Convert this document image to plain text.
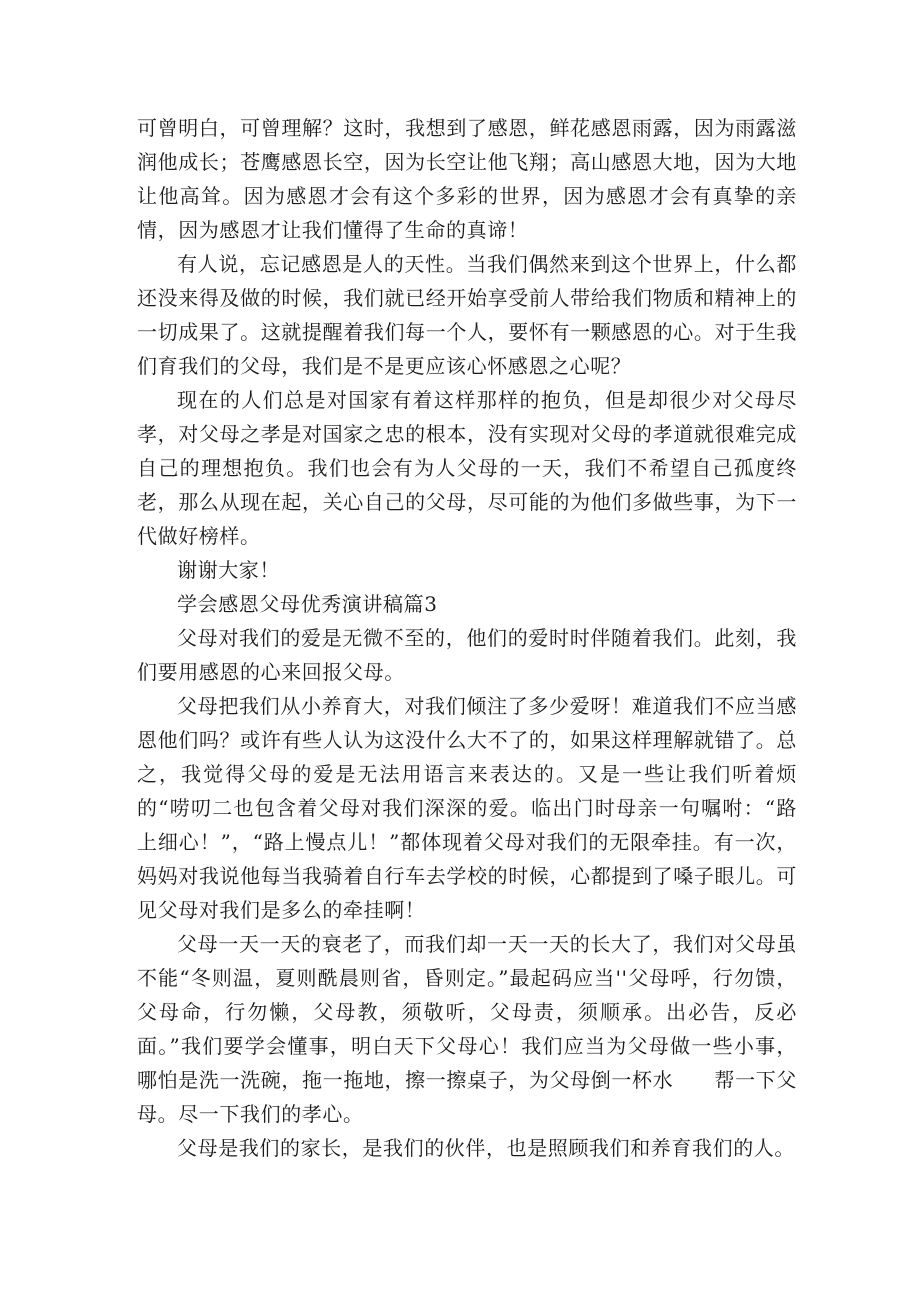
可曾明白，可曾理解？这时，我想到了感恩，鲜花感恩雨露，因为雨露滋润他成长；苍鹰感恩长空，因为长空让他飞翔；高山感恩大地，因为大地让他高耸。因为感恩才会有这个多彩的世界，因为感恩才会有真挚的亲情，因为感恩才让我们懂得了生命的真谛！

有人说，忘记感恩是人的天性。当我们偶然来到这个世界上，什么都还没来得及做的时候，我们就已经开始享受前人带给我们物质和精神上的一切成果了。这就提醒着我们每一个人，要怀有一颗感恩的心。对于生我们育我们的父母，我们是不是更应该心怀感恩之心呢？

现在的人们总是对国家有着这样那样的抱负，但是却很少对父母尽孝，对父母之孝是对国家之忠的根本，没有实现对父母的孝道就很难完成自己的理想抱负。我们也会有为人父母的一天，我们不希望自己孤度终老，那么从现在起，关心自己的父母，尽可能的为他们多做些事，为下一代做好榜样。

谢谢大家！

学会感恩父母优秀演讲稿篇3

父母对我们的爱是无微不至的，他们的爱时时伴随着我们。此刻，我们要用感恩的心来回报父母。

父母把我们从小养育大，对我们倾注了多少爱呀！难道我们不应当感恩他们吗？或许有些人认为这没什么大不了的，如果这样理解就错了。总之，我觉得父母的爱是无法用语言来表达的。又是一些让我们听着烦的“唠叨二也包含着父母对我们深深的爱。临出门时母亲一句嘱咐：“路上细心！”，“路上慢点儿！”都体现着父母对我们的无限牵挂。有一次，妈妈对我说他每当我骑着自行车去学校的时候，心都提到了嗓子眼儿。可见父母对我们是多么的牵挂啊！

父母一天一天的衰老了，而我们却一天一天的长大了，我们对父母虽不能“冬则温，夏则酰晨则省，昏则定。”最起码应当''父母呼，行勿馈，父母命，行勿懒，父母教，须敬听，父母责，须顺承。出必告，反必面。”我们要学会懂事，明白天下父母心！我们应当为父母做一些小事，哪怕是洗一洗碗，拖一拖地，擦一擦桌子，为父母倒一杯水　　帮一下父母。尽一下我们的孝心。

父母是我们的家长，是我们的伙伴，也是照顾我们和养育我们的人。
